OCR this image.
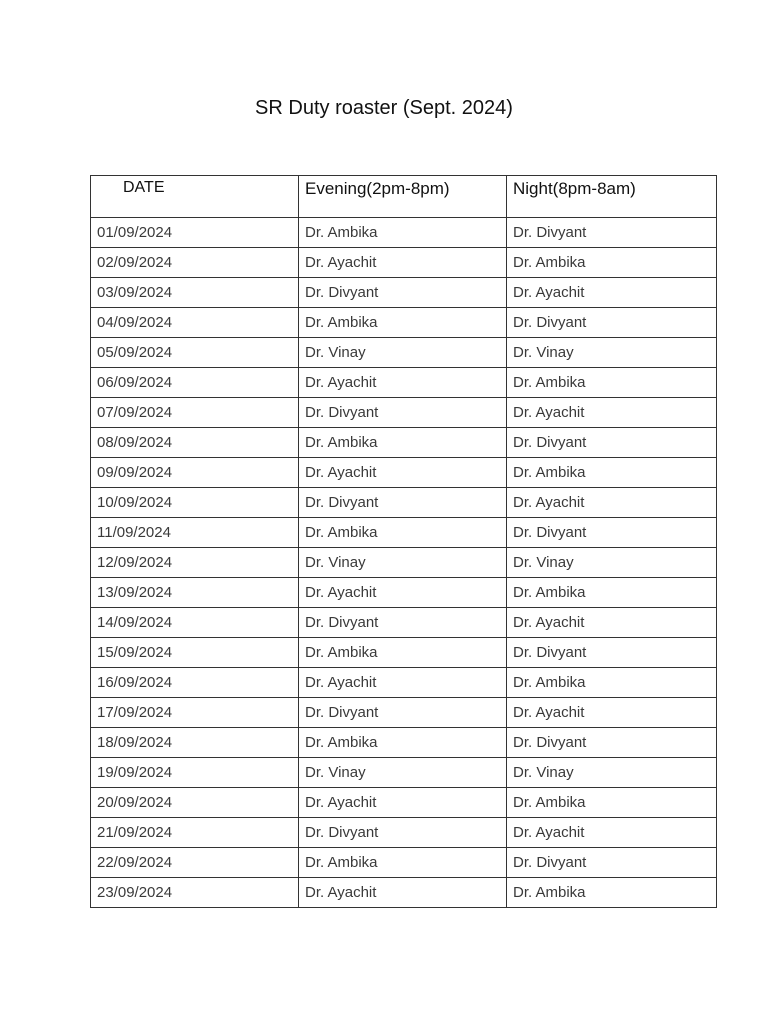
SR Duty roaster (Sept. 2024)
DATE	Evening(2pm-8pm)	Night(8pm-8am)
01/09/2024	Dr. Ambika	Dr. Divyant
02/09/2024	Dr. Ayachit	Dr. Ambika
03/09/2024	Dr. Divyant	Dr. Ayachit
04/09/2024	Dr. Ambika	Dr. Divyant
05/09/2024	Dr. Vinay	Dr. Vinay
06/09/2024	Dr. Ayachit	Dr. Ambika
07/09/2024	Dr. Divyant	Dr. Ayachit
08/09/2024	Dr. Ambika	Dr. Divyant
09/09/2024	Dr. Ayachit	Dr. Ambika
10/09/2024	Dr. Divyant	Dr. Ayachit
11/09/2024	Dr. Ambika	Dr. Divyant
12/09/2024	Dr. Vinay	Dr. Vinay
13/09/2024	Dr. Ayachit	Dr. Ambika
14/09/2024	Dr. Divyant	Dr. Ayachit
15/09/2024	Dr. Ambika	Dr. Divyant
16/09/2024	Dr. Ayachit	Dr. Ambika
17/09/2024	Dr. Divyant	Dr. Ayachit
18/09/2024	Dr. Ambika	Dr. Divyant
19/09/2024	Dr. Vinay	Dr. Vinay
20/09/2024	Dr. Ayachit	Dr. Ambika
21/09/2024	Dr. Divyant	Dr. Ayachit
22/09/2024	Dr. Ambika	Dr. Divyant
23/09/2024	Dr. Ayachit	Dr. Ambika
